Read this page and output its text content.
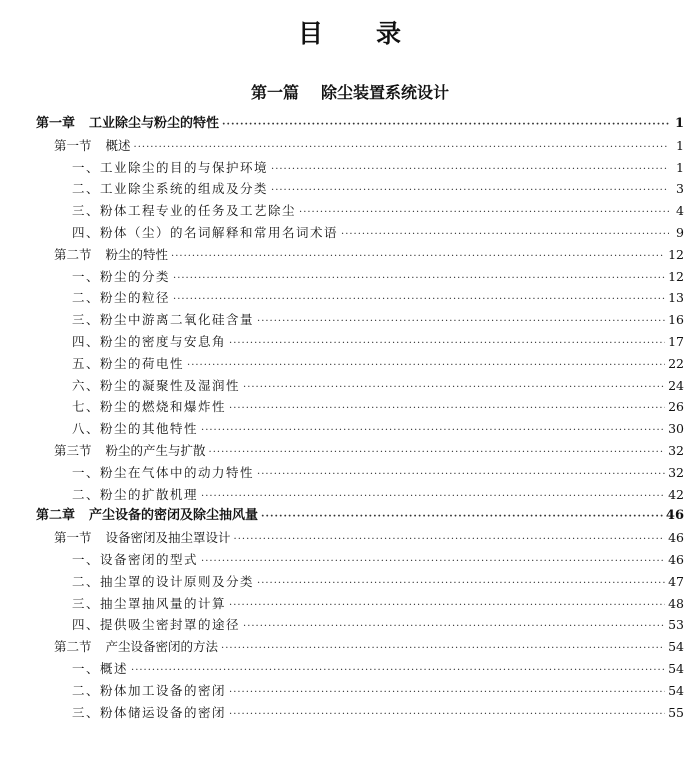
目 录
第一篇 除尘装置系统设计
第一章 工业除尘与粉尘的特性 ·····	1
第一节 概述 ·····	1
一、工业除尘的目的与保护环境 ·····	1
二、工业除尘系统的组成及分类 ·····	3
三、粉体工程专业的任务及工艺除尘 ·····	4
四、粉体（尘）的名词解释和常用名词术语 ·····	9
第二节 粉尘的特性 ·····	12
一、粉尘的分类 ·····	12
二、粉尘的粒径 ·····	13
三、粉尘中游离二氧化硅含量 ·····	16
四、粉尘的密度与安息角 ·····	17
五、粉尘的荷电性 ·····	22
六、粉尘的凝聚性及湿润性 ·····	24
七、粉尘的燃烧和爆炸性 ·····	26
八、粉尘的其他特性 ·····	30
第三节 粉尘的产生与扩散 ·····	32
一、粉尘在气体中的动力特性 ·····	32
二、粉尘的扩散机理 ·····	42
第二章 产尘设备的密闭及除尘抽风量 ·····	46
第一节 设备密闭及抽尘罩设计 ·····	46
一、设备密闭的型式 ·····	46
二、抽尘罩的设计原则及分类 ·····	47
三、抽尘罩抽风量的计算 ·····	48
四、提供吸尘密封罩的途径 ·····	53
第二节 产尘设备密闭的方法 ·····	54
一、概述 ·····	54
二、粉体加工设备的密闭 ·····	54
三、粉体储运设备的密闭 ·····	55
